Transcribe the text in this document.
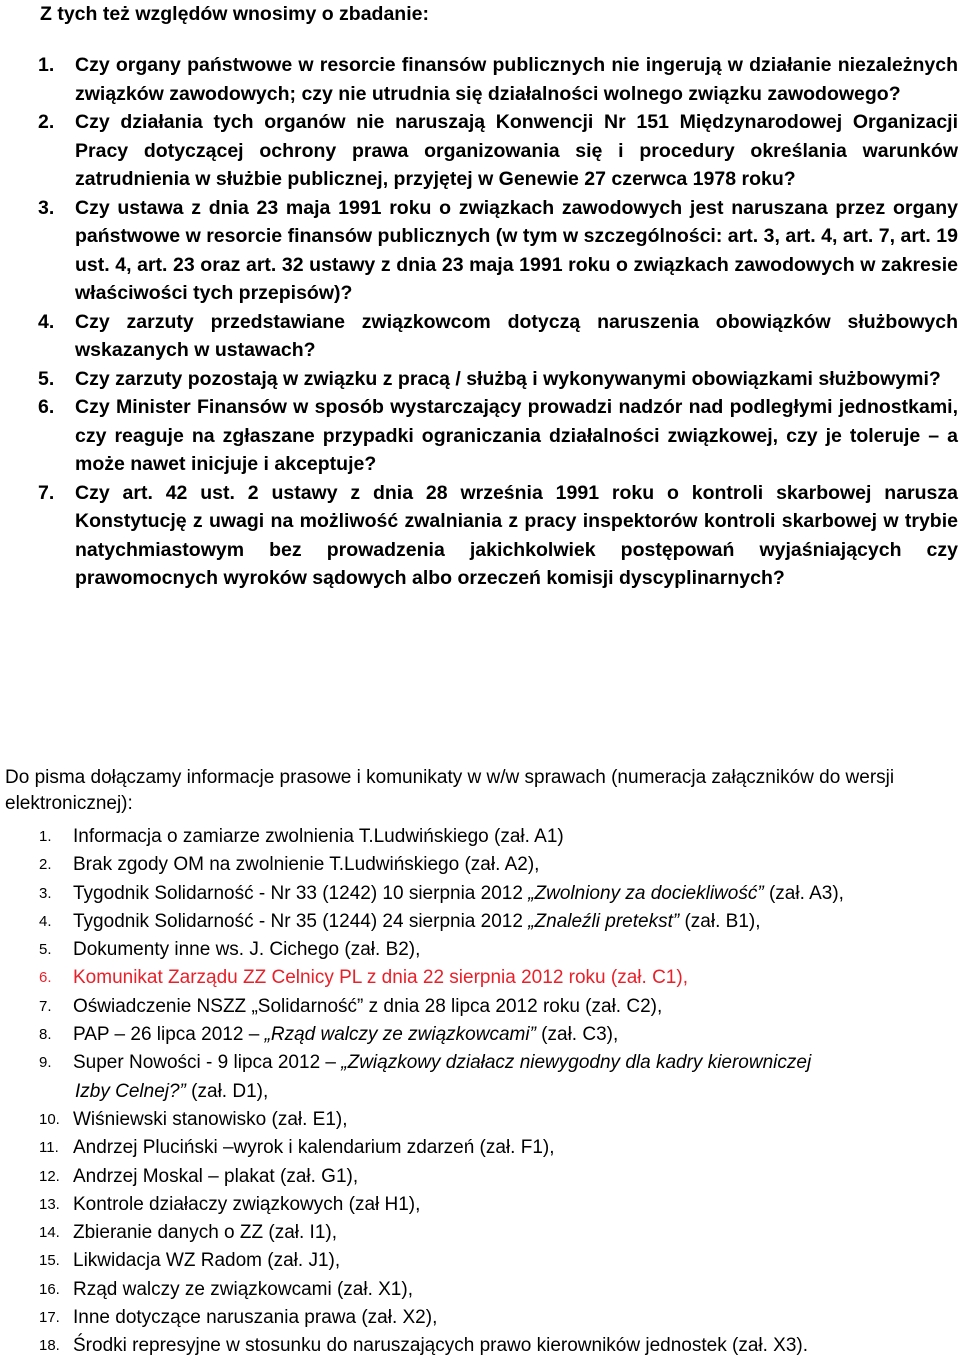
Z tych też względów wnosimy o zbadanie:
1. Czy organy państwowe w resorcie finansów publicznych nie ingerują w działanie niezależnych związków zawodowych; czy nie utrudnia się działalności wolnego związku zawodowego?
2. Czy działania tych organów nie naruszają Konwencji Nr 151 Międzynarodowej Organizacji Pracy dotyczącej ochrony prawa organizowania się i procedury określania warunków zatrudnienia w służbie publicznej, przyjętej w Genewie 27 czerwca 1978 roku?
3. Czy ustawa z dnia 23 maja 1991 roku o związkach zawodowych jest naruszana przez organy państwowe w resorcie finansów publicznych (w tym w szczególności: art. 3, art. 4, art. 7, art. 19 ust. 4, art. 23 oraz art. 32 ustawy z dnia 23 maja 1991 roku o związkach zawodowych w zakresie właściwości tych przepisów)?
4. Czy zarzuty przedstawiane związkowcom dotyczą naruszenia obowiązków służbowych wskazanych w ustawach?
5. Czy zarzuty pozostają w związku z pracą / służbą i wykonywanymi obowiązkami służbowymi?
6. Czy Minister Finansów w sposób wystarczający prowadzi nadzór nad podległymi jednostkami, czy reaguje na zgłaszane przypadki ograniczania działalności związkowej, czy je toleruje – a może nawet inicjuje i akceptuje?
7. Czy art. 42 ust. 2 ustawy z dnia 28 września 1991 roku o kontroli skarbowej narusza Konstytucję z uwagi na możliwość zwalniania z pracy inspektorów kontroli skarbowej w trybie natychmiastowym bez prowadzenia jakichkolwiek postępowań wyjaśniających czy prawomocnych wyroków sądowych albo orzeczeń komisji dyscyplinarnych?
Do pisma dołączamy informacje prasowe i komunikaty w w/w sprawach (numeracja załączników do wersji elektronicznej):
1. Informacja o zamiarze zwolnienia T.Ludwińskiego (zał. A1)
2. Brak zgody OM na zwolnienie T.Ludwińskiego (zał. A2),
3. Tygodnik Solidarność - Nr 33 (1242) 10 sierpnia 2012 „Zwolniony za dociekliwość” (zał. A3),
4. Tygodnik Solidarność - Nr 35 (1244) 24 sierpnia 2012 „Znaleźli pretekst” (zał. B1),
5. Dokumenty inne ws. J. Cichego (zał. B2),
6. Komunikat Zarządu ZZ Celnicy PL z dnia 22 sierpnia 2012 roku (zał. C1),
7. Oświadczenie NSZZ „Solidarność” z dnia 28 lipca 2012 roku (zał. C2),
8. PAP – 26 lipca 2012 – „Rząd walczy ze związkowcami” (zał. C3),
9. Super Nowości - 9 lipca 2012 – „Związkowy działacz niewygodny dla kadry kierowniczej
Izby Celnej?” (zał. D1),
10. Wiśniewski stanowisko (zał. E1),
11. Andrzej Pluciński –wyrok i kalendarium zdarzeń (zał. F1),
12. Andrzej Moskal – plakat (zał. G1),
13. Kontrole działaczy związkowych (zał H1),
14. Zbieranie danych o ZZ (zał. I1),
15. Likwidacja WZ Radom (zał. J1),
16. Rząd walczy ze związkowcami (zał. X1),
17. Inne dotyczące naruszania prawa (zał. X2),
18. Środki represyjne w stosunku do naruszających prawo kierowników jednostek (zał. X3).
